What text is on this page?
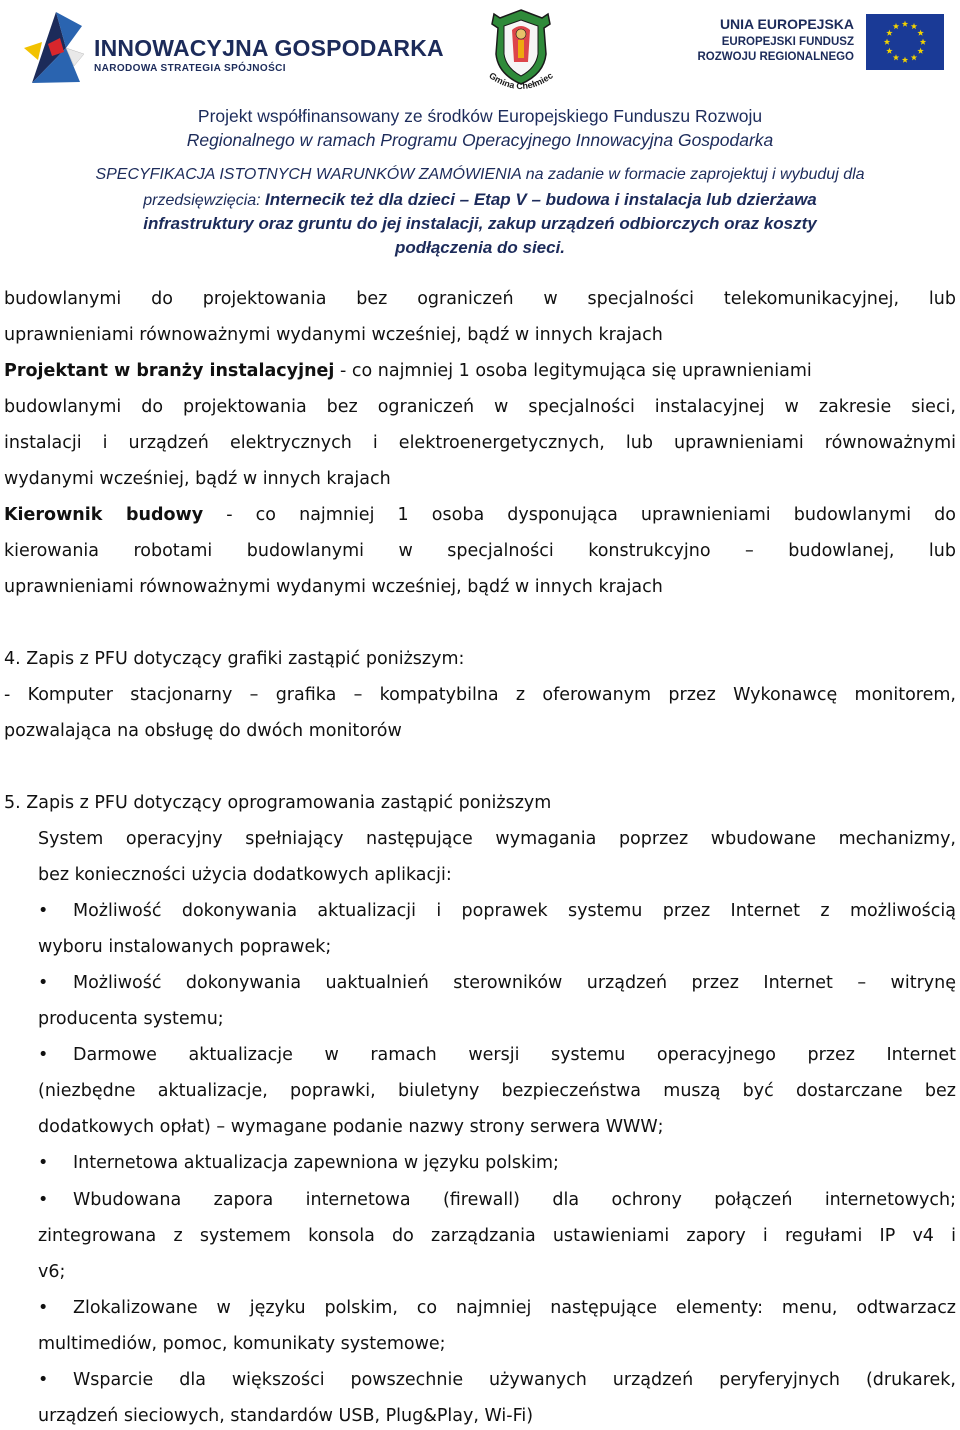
INNOWACYJNA GOSPODARKA
NARODOWA STRATEGIA SPÓJNOŚCI
Gmina Chełmiec
UNIA EUROPEJSKA
EUROPEJSKI FUNDUSZ
ROZWOJU REGIONALNEGO
Projekt współfinansowany ze środków Europejskiego Funduszu Rozwoju
Regionalnego w ramach Programu Operacyjnego Innowacyjna Gospodarka
SPECYFIKACJA ISTOTNYCH WARUNKÓW ZAMÓWIENIA na zadanie w formacie zaprojektuj i wybuduj dla
przedsięwzięcia: Internecik też dla dzieci – Etap V – budowa i instalacja lub dzierżawa
infrastruktury oraz gruntu do jej instalacji, zakup urządzeń odbiorczych oraz koszty
podłączenia do sieci.
budowlanymi do projektowania bez ograniczeń w specjalności telekomunikacyjnej, lub
uprawnieniami równoważnymi wydanymi wcześniej, bądź w innych krajach
Projektant w branży instalacyjnej - co najmniej 1 osoba legitymująca się uprawnieniami
budowlanymi do projektowania bez ograniczeń w specjalności instalacyjnej w zakresie sieci,
instalacji i urządzeń elektrycznych i elektroenergetycznych, lub uprawnieniami równoważnymi
wydanymi wcześniej, bądź w innych krajach
Kierownik budowy - co najmniej 1 osoba dysponująca uprawnieniami budowlanymi do
kierowania robotami budowlanymi w specjalności konstrukcyjno – budowlanej, lub
uprawnieniami równoważnymi wydanymi wcześniej, bądź w innych krajach
4. Zapis z PFU dotyczący grafiki zastąpić poniższym:
- Komputer stacjonarny – grafika – kompatybilna z oferowanym przez Wykonawcę monitorem,
pozwalająca na obsługę do dwóch monitorów
5. Zapis z PFU dotyczący oprogramowania zastąpić poniższym
System operacyjny spełniający następujące wymagania poprzez wbudowane mechanizmy,
bez konieczności użycia dodatkowych aplikacji:
• Możliwość dokonywania aktualizacji i poprawek systemu przez Internet z możliwością
wyboru instalowanych poprawek;
• Możliwość dokonywania uaktualnień sterowników urządzeń przez Internet – witrynę
producenta systemu;
• Darmowe aktualizacje w ramach wersji systemu operacyjnego przez Internet
(niezbędne aktualizacje, poprawki, biuletyny bezpieczeństwa muszą być dostarczane bez
dodatkowych opłat) – wymagane podanie nazwy strony serwera WWW;
• Internetowa aktualizacja zapewniona w języku polskim;
• Wbudowana zapora internetowa (firewall) dla ochrony połączeń internetowych;
zintegrowana z systemem konsola do zarządzania ustawieniami zapory i regułami IP v4 i
v6;
• Zlokalizowane w języku polskim, co najmniej następujące elementy: menu, odtwarzacz
multimediów, pomoc, komunikaty systemowe;
• Wsparcie dla większości powszechnie używanych urządzeń peryferyjnych (drukarek,
urządzeń sieciowych, standardów USB, Plug&Play, Wi-Fi)
